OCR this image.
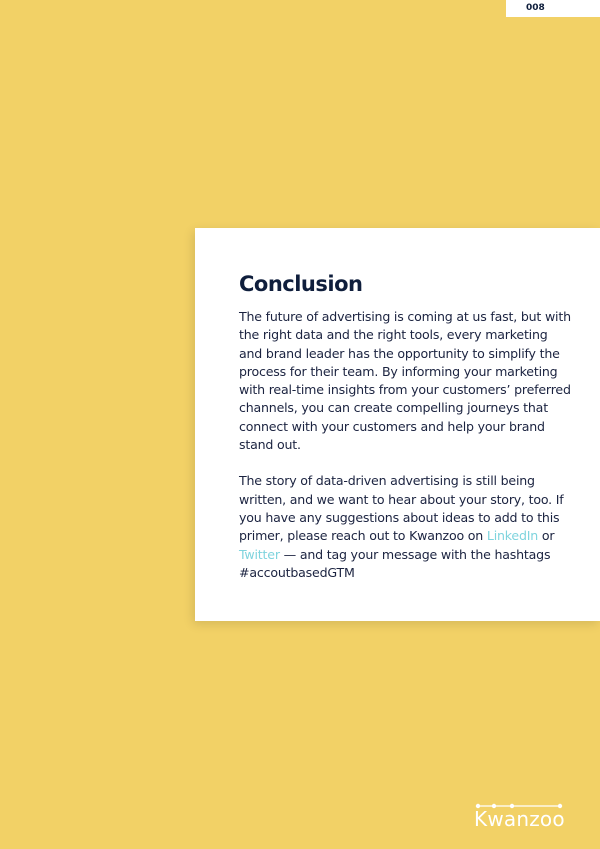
008
Conclusion

The future of advertising is coming at us fast, but with the right data and the right tools, every marketing and brand leader has the opportunity to simplify the process for their team. By informing your marketing with real-time insights from your customers’ preferred channels, you can create compelling journeys that connect with your customers and help your brand stand out.

The story of data-driven advertising is still being written, and we want to hear about your story, too. If you have any suggestions about ideas to add to this primer, please reach out to Kwanzoo on LinkedIn or Twitter — and tag your message with the hashtags #accoutbasedGTM

Kwanzoo
